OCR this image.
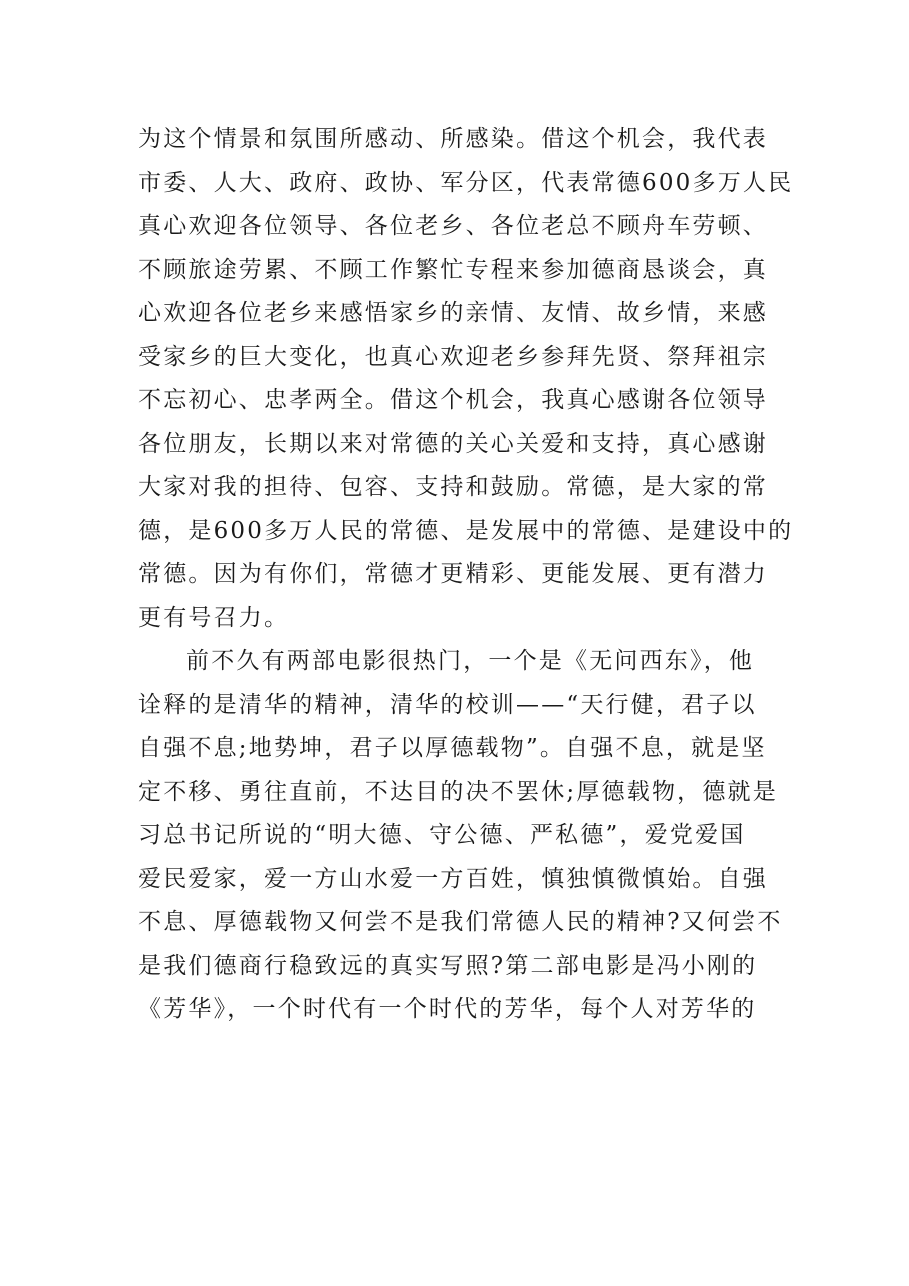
为这个情景和氛围所感动、所感染。借这个机会，我代表
市委、人大、政府、政协、军分区，代表常德600多万人民
真心欢迎各位领导、各位老乡、各位老总不顾舟车劳顿、
不顾旅途劳累、不顾工作繁忙专程来参加德商恳谈会，真
心欢迎各位老乡来感悟家乡的亲情、友情、故乡情，来感
受家乡的巨大变化，也真心欢迎老乡参拜先贤、祭拜祖宗
不忘初心、忠孝两全。借这个机会，我真心感谢各位领导
各位朋友，长期以来对常德的关心关爱和支持，真心感谢
大家对我的担待、包容、支持和鼓励。常德，是大家的常
德，是600多万人民的常德、是发展中的常德、是建设中的
常德。因为有你们，常德才更精彩、更能发展、更有潜力
更有号召力。
前不久有两部电影很热门，一个是《无问西东》，他
诠释的是清华的精神，清华的校训——“天行健，君子以
自强不息;地势坤，君子以厚德载物”。自强不息，就是坚
定不移、勇往直前，不达目的决不罢休;厚德载物，德就是
习总书记所说的“明大德、守公德、严私德”，爱党爱国
爱民爱家，爱一方山水爱一方百姓，慎独慎微慎始。自强
不息、厚德载物又何尝不是我们常德人民的精神?又何尝不
是我们德商行稳致远的真实写照?第二部电影是冯小刚的
《芳华》，一个时代有一个时代的芳华，每个人对芳华的
